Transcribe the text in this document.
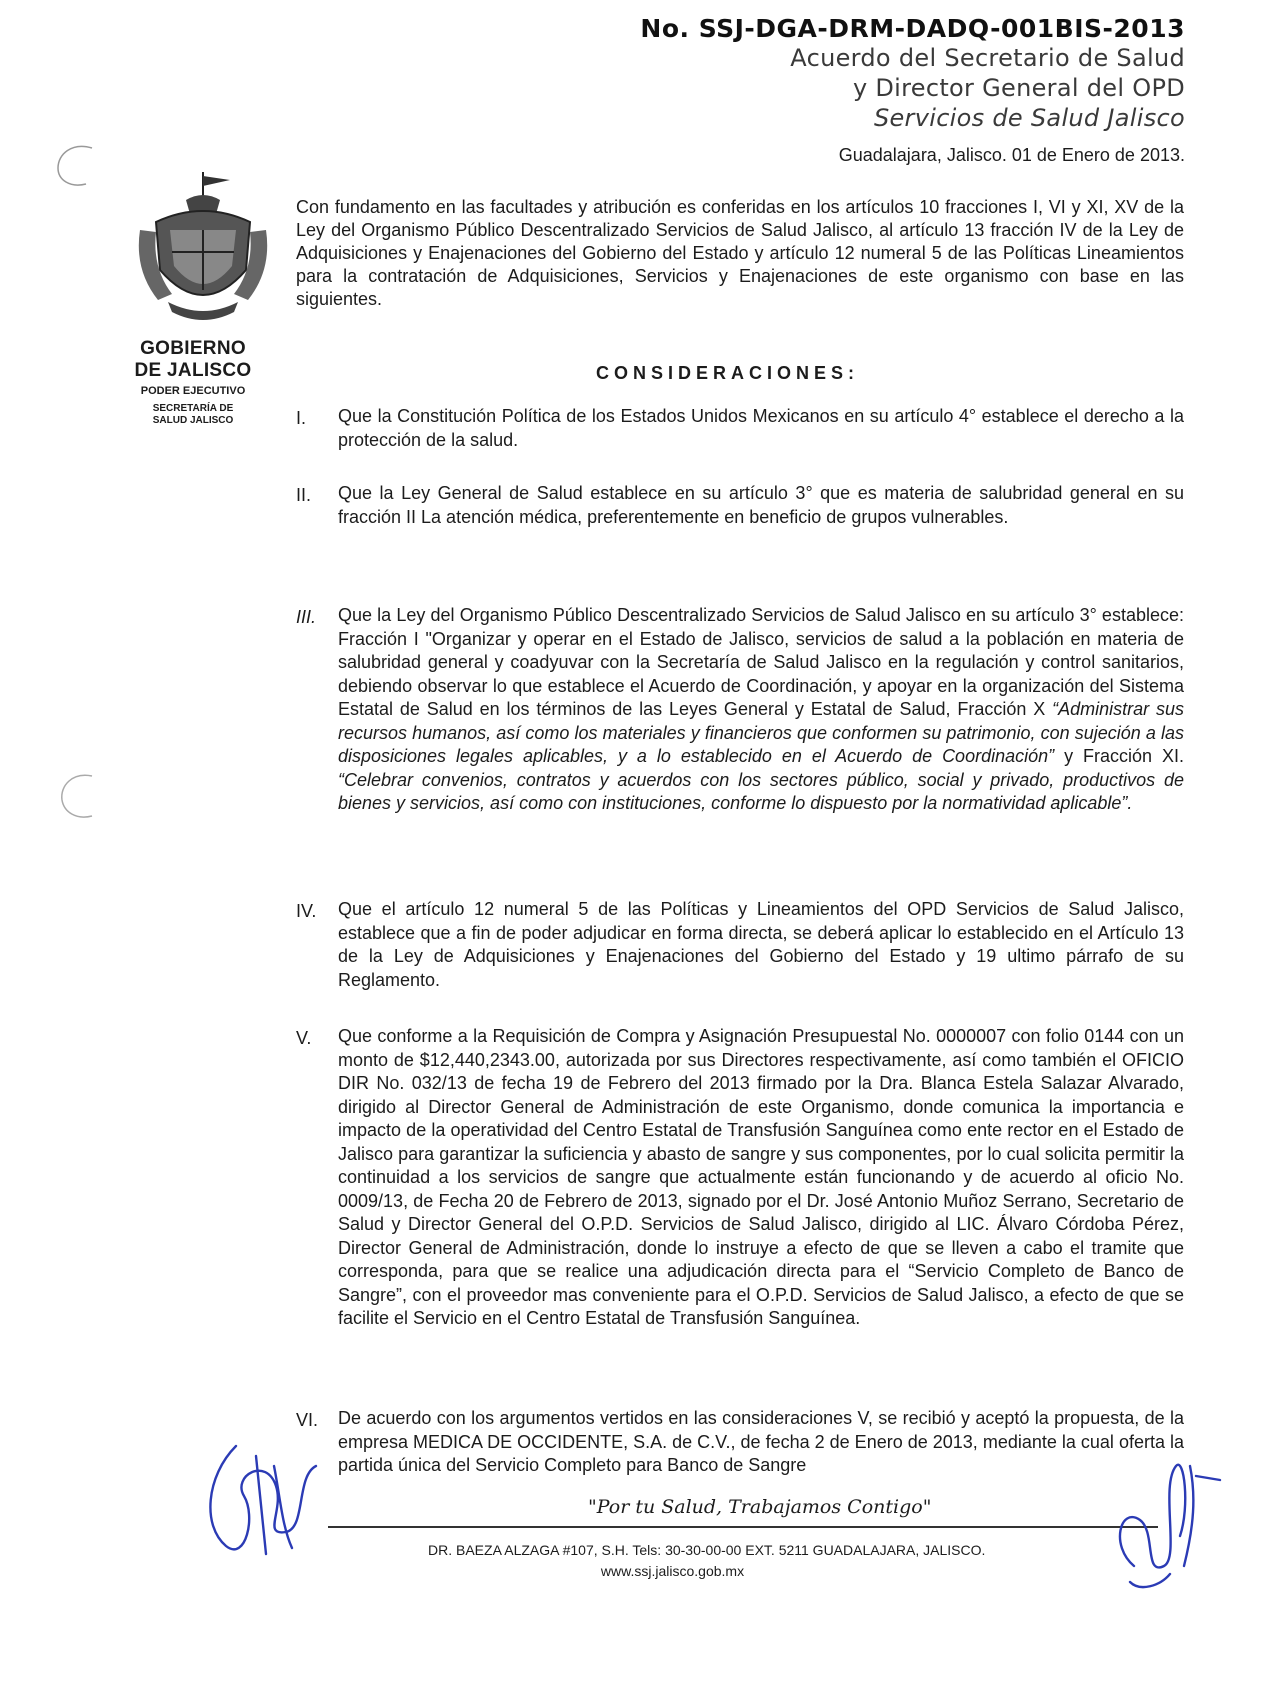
No. SSJ-DGA-DRM-DADQ-001BIS-2013
Acuerdo del Secretario de Salud
y Director General del OPD
Servicios de Salud Jalisco
Guadalajara, Jalisco. 01 de Enero de 2013.
GOBIERNO
DE JALISCO
PODER EJECUTIVO
SECRETARÍA DE SALUD JALISCO
Con fundamento en las facultades y atribución es conferidas en los artículos 10 fracciones I, VI y XI, XV de la Ley del Organismo Público Descentralizado Servicios de Salud Jalisco, al artículo 13 fracción IV de la Ley de Adquisiciones y Enajenaciones del Gobierno del Estado y artículo 12 numeral 5 de las Políticas Lineamientos para la contratación de Adquisiciones, Servicios y Enajenaciones de este organismo con base en las siguientes.
CONSIDERACIONES:
I.	Que la Constitución Política de los Estados Unidos Mexicanos en su artículo 4° establece el derecho a la protección de la salud.
II.	Que la Ley General de Salud establece en su artículo 3° que es materia de salubridad general en su fracción II La atención médica, preferentemente en beneficio de grupos vulnerables.
III.	Que la Ley del Organismo Público Descentralizado Servicios de Salud Jalisco en su artículo 3° establece: Fracción I "Organizar y operar en el Estado de Jalisco, servicios de salud a la población en materia de salubridad general y coadyuvar con la Secretaría de Salud Jalisco en la regulación y control sanitarios, debiendo observar lo que establece el Acuerdo de Coordinación, y apoyar en la organización del Sistema Estatal de Salud en los términos de las Leyes General y Estatal de Salud, Fracción X “Administrar sus recursos humanos, así como los materiales y financieros que conformen su patrimonio, con sujeción a las disposiciones legales aplicables, y a lo establecido en el Acuerdo de Coordinación” y Fracción XI. “Celebrar convenios, contratos y acuerdos con los sectores público, social y privado, productivos de bienes y servicios, así como con instituciones, conforme lo dispuesto por la normatividad aplicable”.
IV.	Que el artículo 12 numeral 5 de las Políticas y Lineamientos del OPD Servicios de Salud Jalisco, establece que a fin de poder adjudicar en forma directa, se deberá aplicar lo establecido en el Artículo 13 de la Ley de Adquisiciones y Enajenaciones del Gobierno del Estado y 19 ultimo párrafo de su Reglamento.
V.	Que conforme a la Requisición de Compra y Asignación Presupuestal No. 0000007 con folio 0144 con un monto de $12,440,2343.00, autorizada por sus Directores respectivamente, así como también el OFICIO DIR No. 032/13 de fecha 19 de Febrero del 2013 firmado por la Dra. Blanca Estela Salazar Alvarado, dirigido al Director General de Administración de este Organismo, donde comunica la importancia e impacto de la operatividad del Centro Estatal de Transfusión Sanguínea como ente rector en el Estado de Jalisco para garantizar la suficiencia y abasto de sangre y sus componentes, por lo cual solicita permitir la continuidad a los servicios de sangre que actualmente están funcionando y de acuerdo al oficio No. 0009/13, de Fecha 20 de Febrero de 2013, signado por el Dr. José Antonio Muñoz Serrano, Secretario de Salud y Director General del O.P.D. Servicios de Salud Jalisco, dirigido al LIC. Álvaro Córdoba Pérez, Director General de Administración, donde lo instruye a efecto de que se lleven a cabo el tramite que corresponda, para que se realice una adjudicación directa para el “Servicio Completo de Banco de Sangre”, con el proveedor mas conveniente para el O.P.D. Servicios de Salud Jalisco, a efecto de que se facilite el Servicio en el Centro Estatal de Transfusión Sanguínea.
VI.	De acuerdo con los argumentos vertidos en las consideraciones V, se recibió y aceptó la propuesta, de la empresa MEDICA DE OCCIDENTE, S.A. de C.V., de fecha 2 de Enero de 2013, mediante la cual oferta la partida única del Servicio Completo para Banco de Sangre
"Por tu Salud, Trabajamos Contigo"
DR. BAEZA ALZAGA #107, S.H. Tels: 30-30-00-00 EXT. 5211 GUADALAJARA, JALISCO.
www.ssj.jalisco.gob.mx
